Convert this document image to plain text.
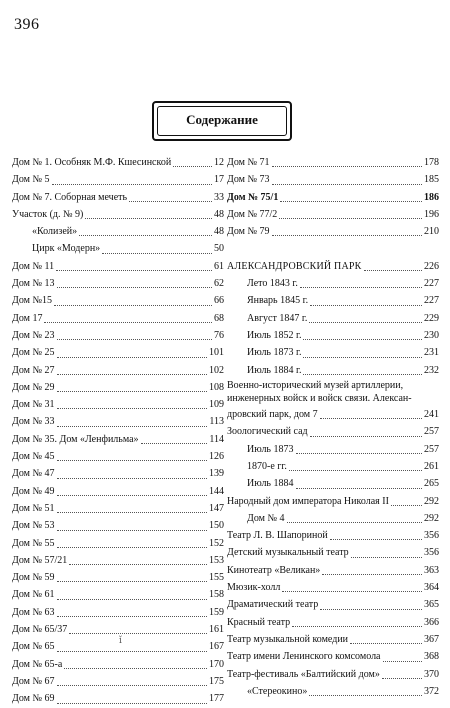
396
Содержание
Дом № 1. Особняк М.Ф. Кшесинской	12
Дом № 5	17
Дом № 7. Соборная мечеть	33
Участок (д. № 9)	48
«Колизей»	48
Цирк «Модерн»	50
Дом № 11	61
Дом № 13	62
Дом №15	66
Дом 17	68
Дом № 23	76
Дом № 25	101
Дом № 27	102
Дом № 29	108
Дом № 31	109
Дом № 33	113
Дом № 35. Дом «Ленфильма»	114
Дом № 45	126
Дом № 47	139
Дом № 49	144
Дом № 51	147
Дом № 53	150
Дом № 55	152
Дом № 57/21	153
Дом № 59	155
Дом № 61	158
Дом № 63	159
Дом № 65/37	161
Дом № 65	167
Дом № 65-а	170
Дом № 67	175
Дом № 69	177
Дом № 71	178
Дом № 73	185
Дом № 75/1	186
Дом № 77/2	196
Дом № 79	210
АЛЕКСАНДРОВСКИЙ ПАРК	226
Лето 1843 г.	227
Январь 1845 г.	227
Август 1847 г.	229
Июль 1852 г.	230
Июль 1873 г.	231
Июль 1884 г.	232
Военно-исторический музей артиллерии,
инженерных войск и войск связи. Алексан-
дровский парк, дом 7	241
Зоологический сад	257
Июль 1873	257
1870-е гг.	261
Июль 1884	265
Народный дом императора Николая II	292
Дом № 4	292
Театр Л. В. Шапориной	356
Детский музыкальный театр	356
Кинотеатр «Великан»	363
Мюзик-холл	364
Драматический театр	365
Красный театр	366
Театр музыкальной комедии	367
Театр имени Ленинского комсомола	368
Театр-фестиваль «Балтийский дом»	370
«Стереокино»	372
ǐ
